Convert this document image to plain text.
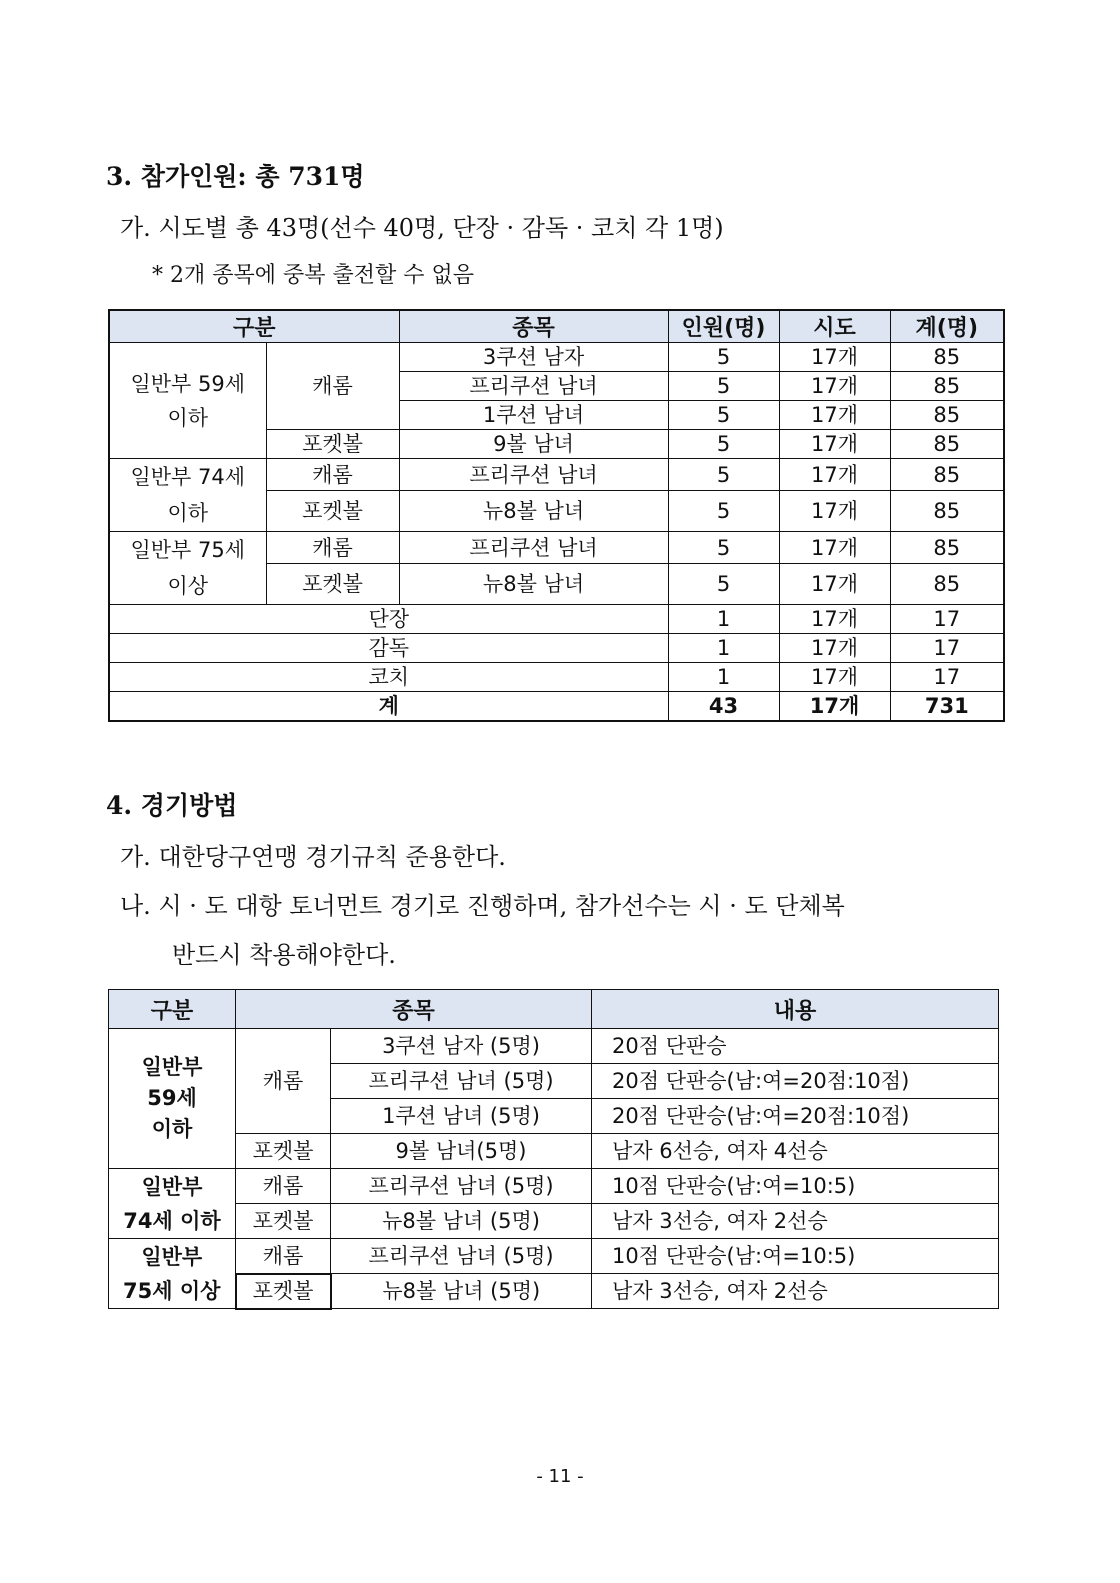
3. 참가인원: 총 731명
가. 시도별 총 43명(선수 40명, 단장 · 감독 · 코치 각 1명)
* 2개 종목에 중복 출전할 수 없음
구분		종목	인원(명)	시도	계(명)
일반부 59세 이하	캐롬	3쿠션 남자	5	17개	85
		프리쿠션 남녀	5	17개	85
		1쿠션 남녀	5	17개	85
	포켓볼	9볼 남녀	5	17개	85
일반부 74세 이하	캐롬	프리쿠션 남녀	5	17개	85
	포켓볼	뉴8볼 남녀	5	17개	85
일반부 75세 이상	캐롬	프리쿠션 남녀	5	17개	85
	포켓볼	뉴8볼 남녀	5	17개	85
단장			1	17개	17
감독			1	17개	17
코치			1	17개	17
계			43	17개	731
4. 경기방법
가. 대한당구연맹 경기규칙 준용한다.
나. 시 · 도 대항 토너먼트 경기로 진행하며, 참가선수는 시 · 도 단체복
반드시 착용해야한다.
구분	종목		내용

일반부
59세
이하	캐롬	3쿠션 남자 (5명)	20점 단판승
		프리쿠션 남녀 (5명)	20점 단판승(남:여=20점:10점)
		1쿠션 남녀 (5명)	20점 단판승(남:여=20점:10점)
	포켓볼	9볼 남녀(5명)	남자 6선승, 여자 4선승

일반부
74세 이하	캐롬	프리쿠션 남녀 (5명)	10점 단판승(남:여=10:5)
	포켓볼	뉴8볼 남녀 (5명)	남자 3선승, 여자 2선승

일반부
75세 이상	캐롬	프리쿠션 남녀 (5명)	10점 단판승(남:여=10:5)
	포켓볼	뉴8볼 남녀 (5명)	남자 3선승, 여자 2선승
- 11 -
